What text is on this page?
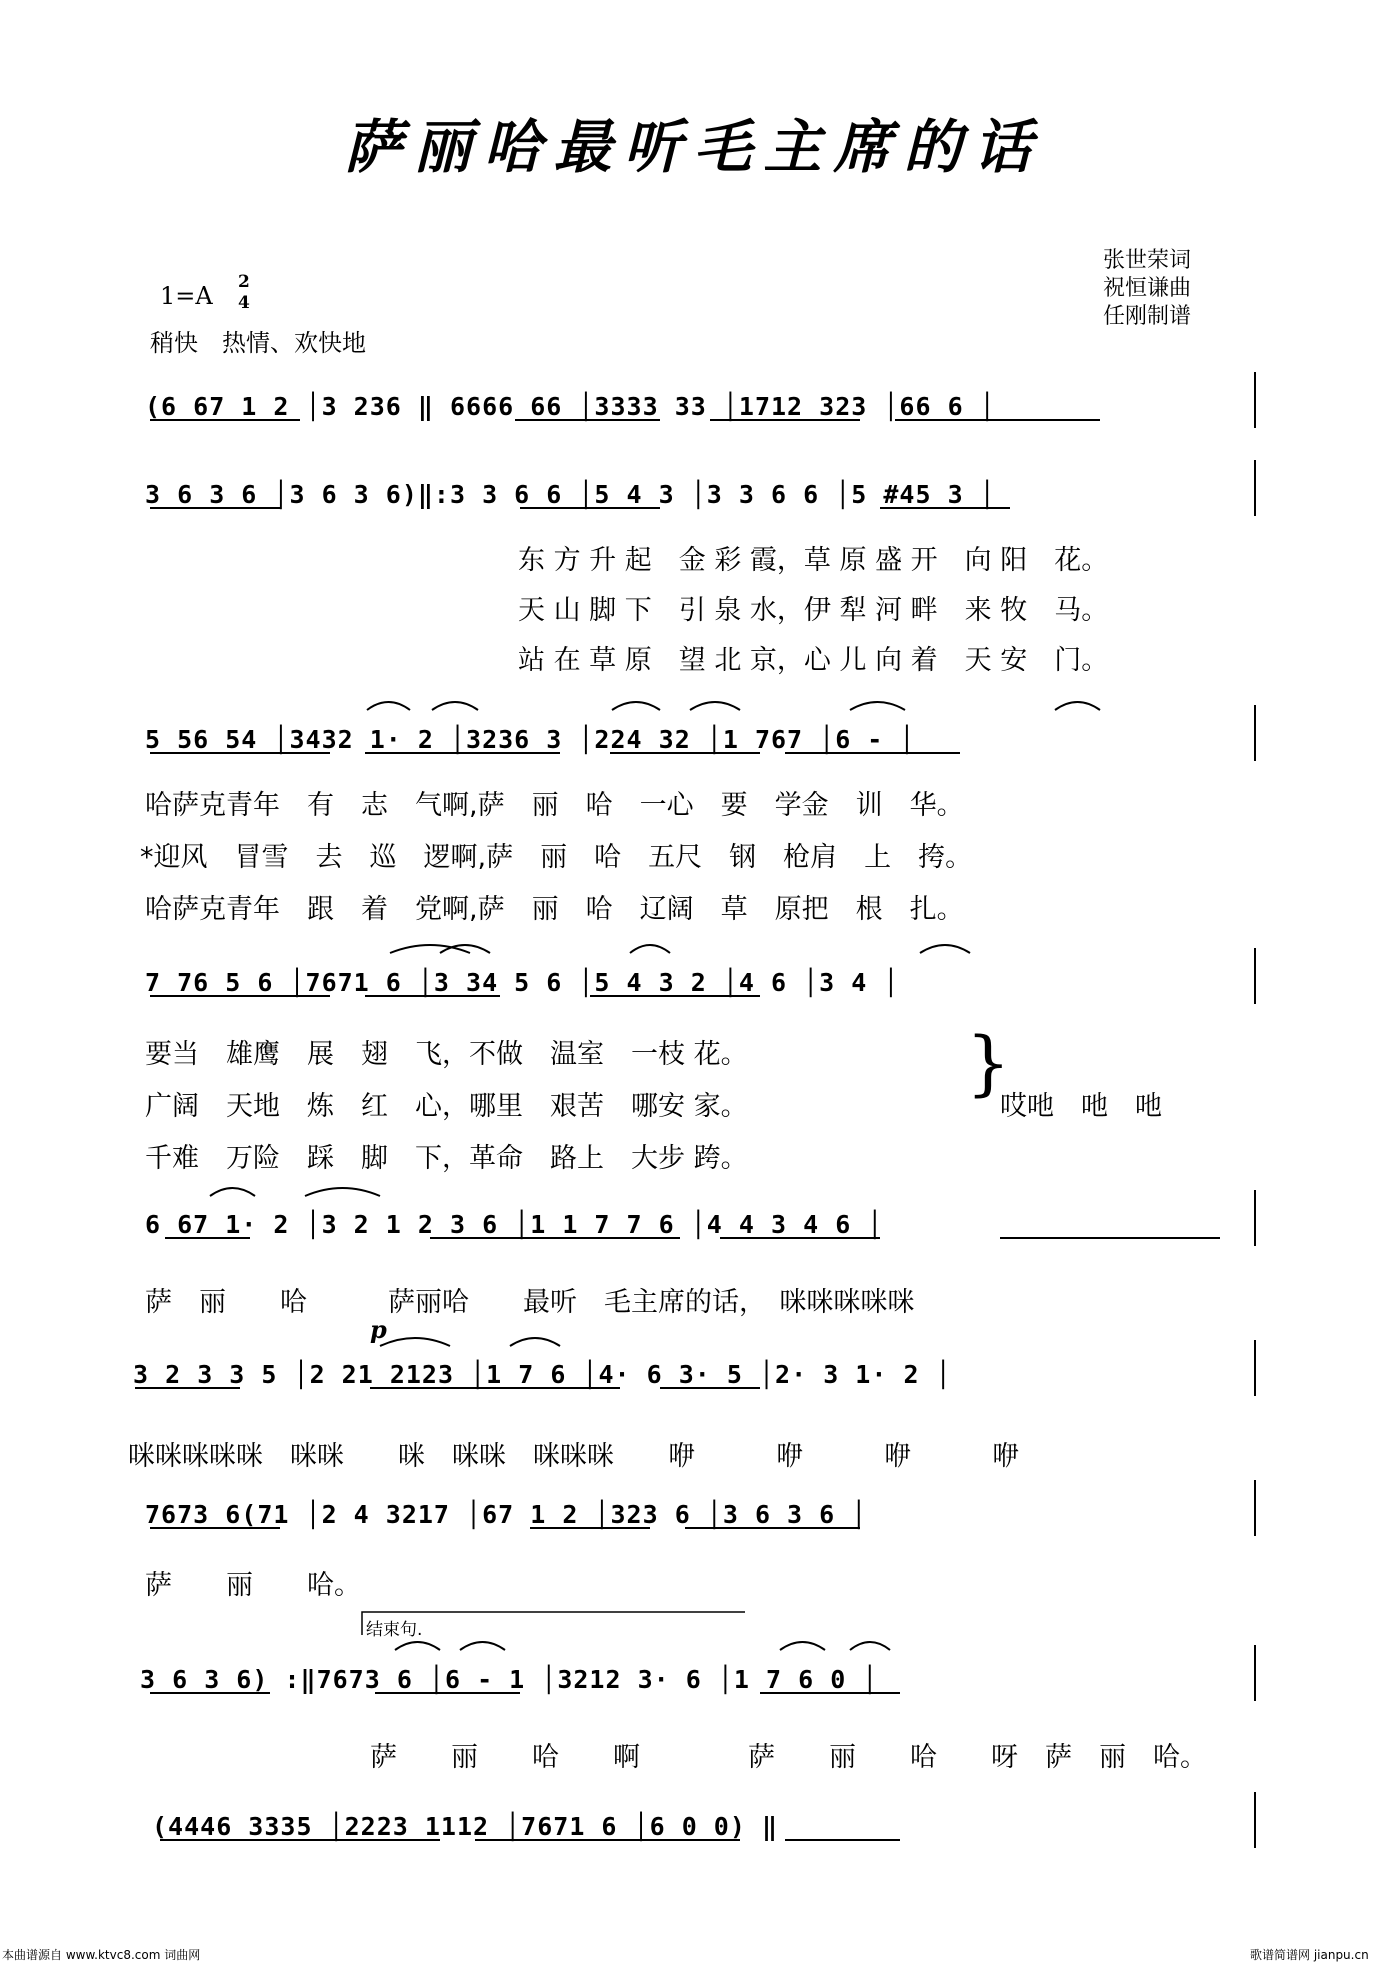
萨丽哈最听毛主席的话
张世荣词
祝恒谦曲
任刚制谱
1=A 2
4
稍快　热情、欢快地
(6 67 1 2 │3 236 ‖ 6666 66 │3333 33 │1712 323 │66 6 │
3 6 3 6 │3 6 3 6)‖:3 3 6 6 │5 4 3 │3 3 6 6 │5 #45 3 │
5 56 54 │3432 1· 2 │3236 3 │224 32 │1 767 │6 - │
7 76 5 6 │7671 6 │3 34 5 6 │5 4 3 2 │4 6 │3 4 │
6 67 1· 2 │3 2 1 2 3 6 │1 1 7 7 6 │4 4 3 4 6 │
3 2 3 3 5 │2 21 2123 │1 7 6 │4· 6 3· 5 │2· 3 1· 2 │
7673 6(71 │2 4 3217 │67 1 2 │323 6 │3 6 3 6 │
3 6 3 6) :‖7673 6 │6 - 1 │3212 3· 6 │1 7 6 0 │
(4446 3335 │2223 1112 │7671 6 │6 0 0) ‖
东 方 升 起　金 彩 霞，草 原 盛 开　向 阳　花。
天 山 脚 下　引 泉 水，伊 犁 河 畔　来 牧　马。
站 在 草 原　望 北 京，心 儿 向 着　天 安　门。
哈萨克青年　有　志　气啊,萨　丽　哈　一心　要　学金　训　华。
*迎风　冒雪　去　巡　逻啊,萨　丽　哈　五尺　钢　枪肩　上　挎。
哈萨克青年　跟　着　党啊,萨　丽　哈　辽阔　草　原把　根　扎。
要当　雄鹰　展　翅　飞，不做　温室　一枝 花。
广阔　天地　炼　红　心，哪里　艰苦　哪安 家。
千难　万险　踩　脚　下，革命　路上　大步 跨。
}
哎吔　吔　吔
萨　丽　　哈　　　萨丽哈　　最听　毛主席的话，　咪咪咪咪咪
p
咪咪咪咪咪　咪咪　　咪　咪咪　咪咪咪　　咿　　　咿　　　咿　　　咿
萨　　丽　　哈。
结束句.
萨　　丽　　哈　　啊　　　　萨　　丽　　哈　　呀　萨　丽　哈。
本曲谱源自 www.ktvc8.com 词曲网	歌谱简谱网 jianpu.cn
